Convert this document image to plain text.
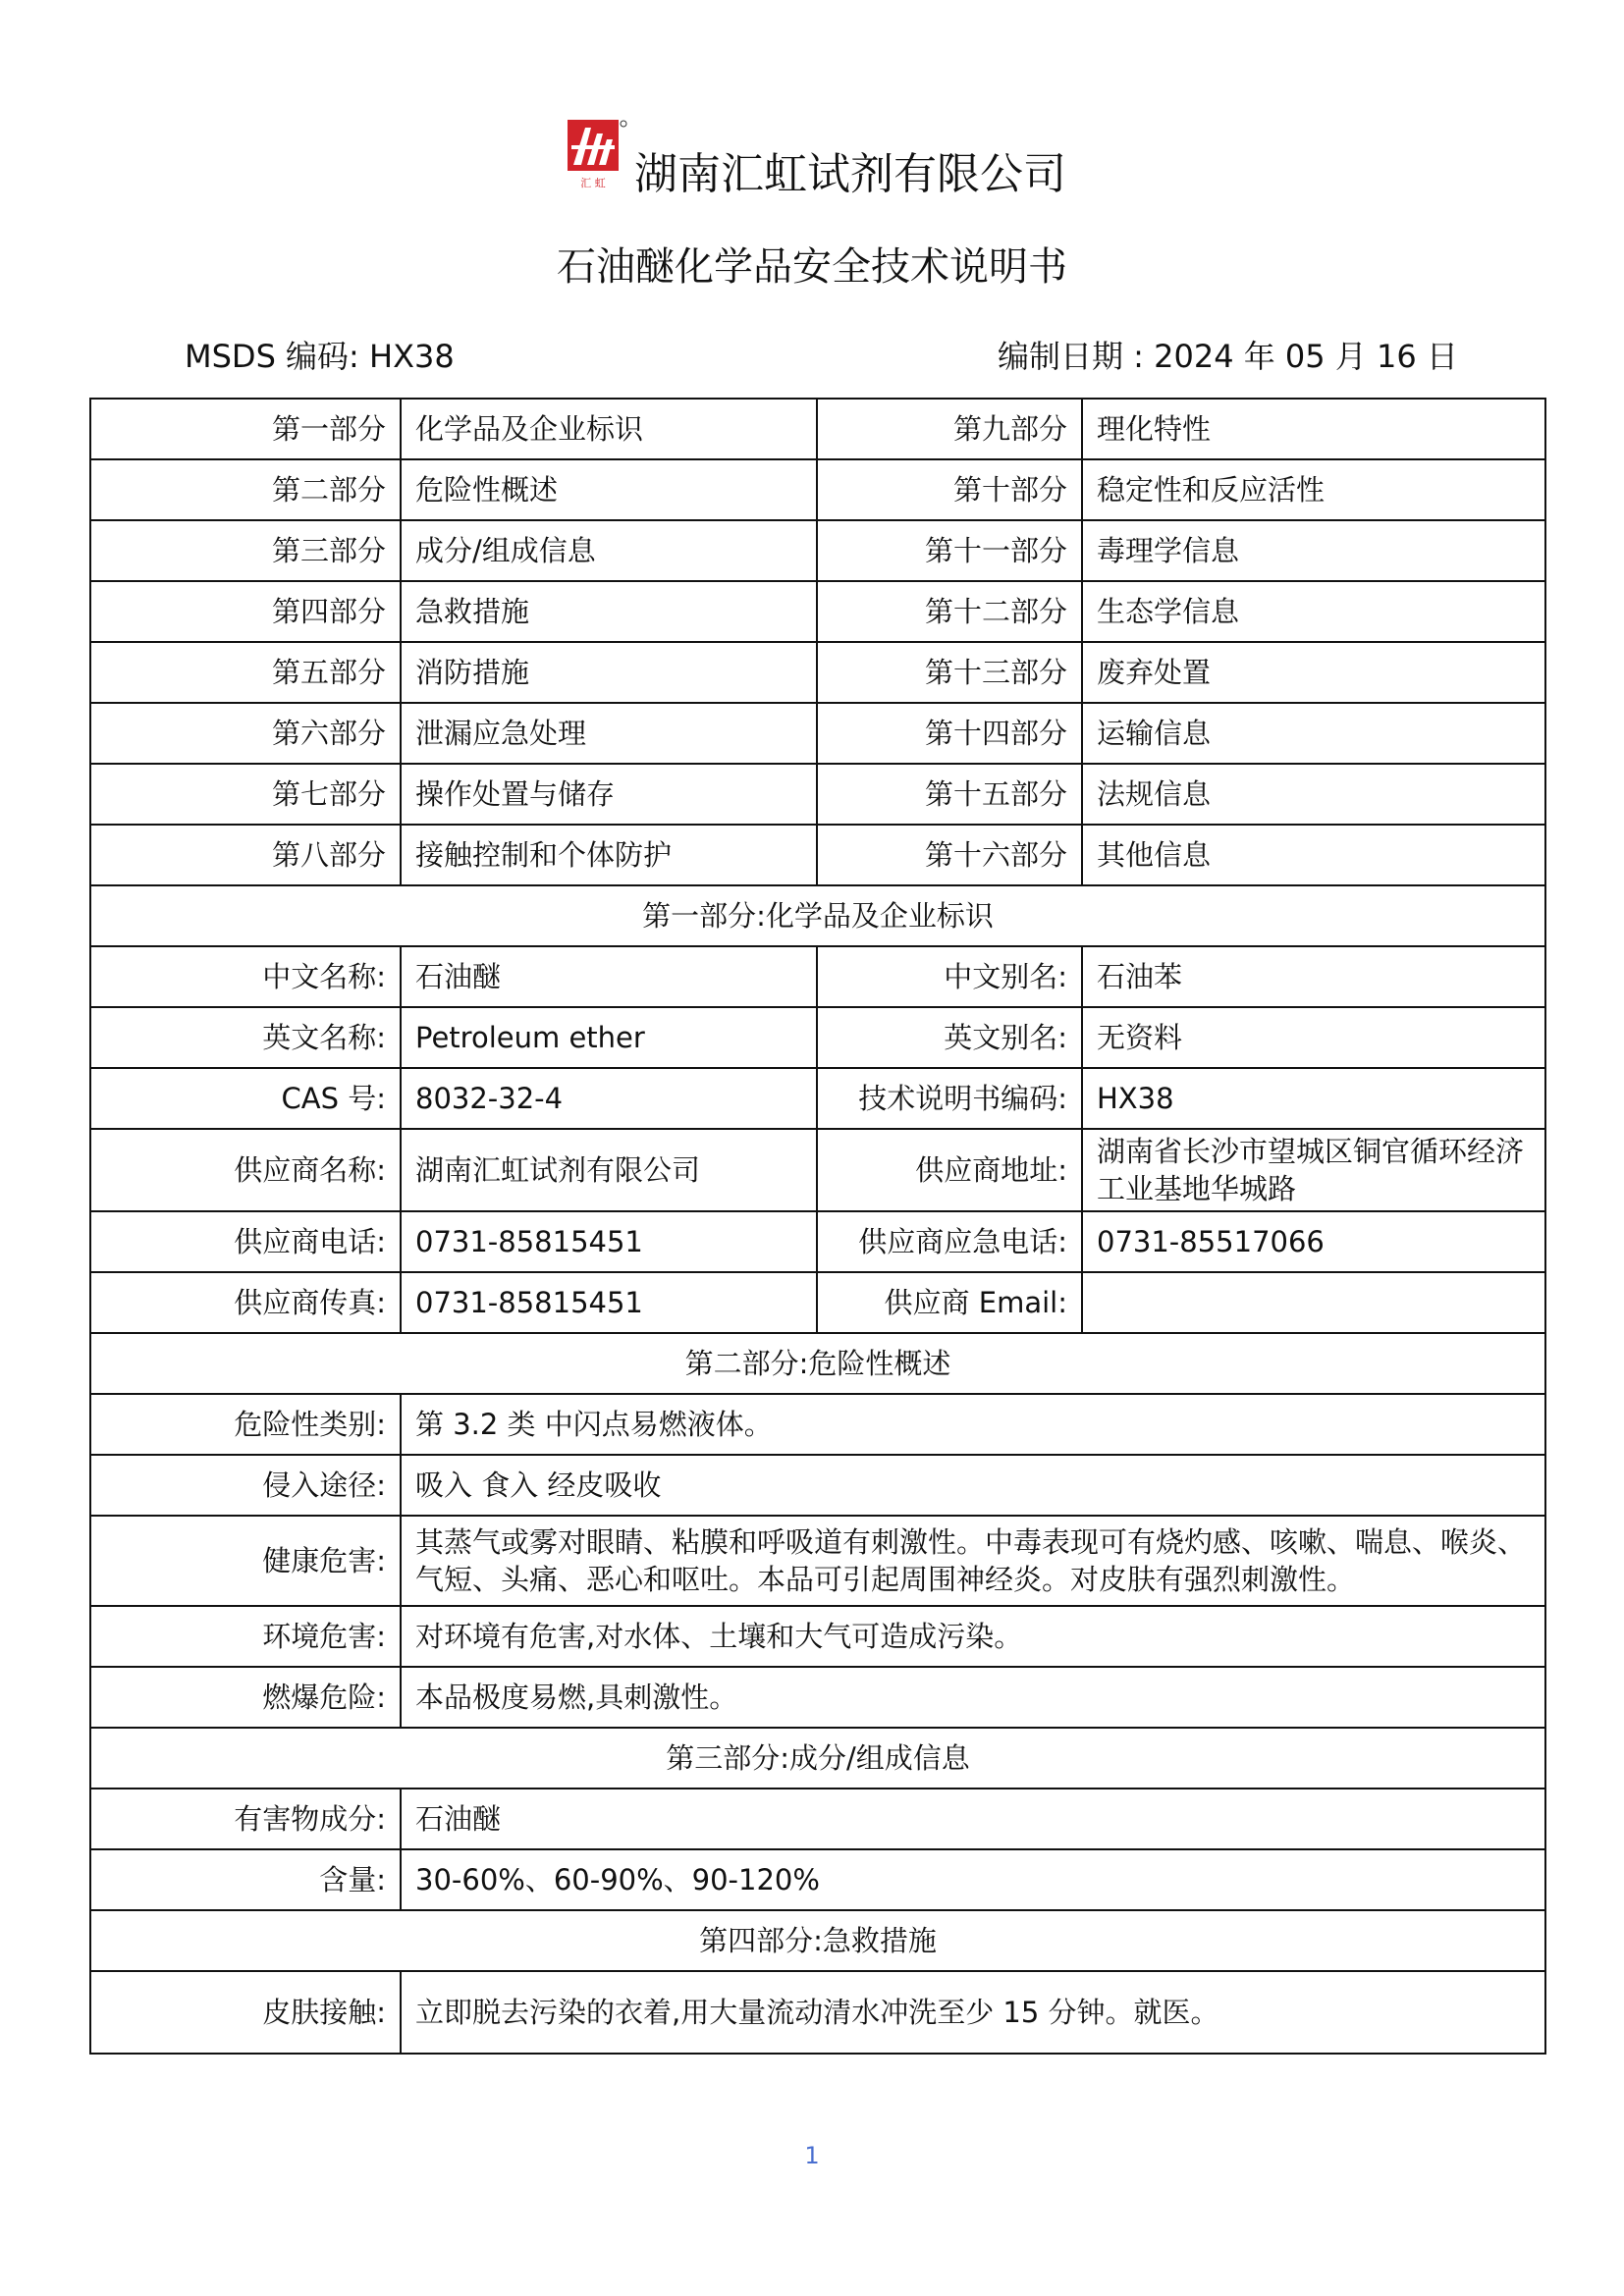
汇 虹 湖南汇虹试剂有限公司
石油醚化学品安全技术说明书
MSDS 编码: HX38	编制日期 : 2024 年 05 月 16 日
第一部分	化学品及企业标识	第九部分	理化特性
第二部分	危险性概述	第十部分	稳定性和反应活性
第三部分	成分/组成信息	第十一部分	毒理学信息
第四部分	急救措施	第十二部分	生态学信息
第五部分	消防措施	第十三部分	废弃处置
第六部分	泄漏应急处理	第十四部分	运输信息
第七部分	操作处置与储存	第十五部分	法规信息
第八部分	接触控制和个体防护	第十六部分	其他信息
第一部分:化学品及企业标识			
中文名称:	石油醚	中文别名:	石油苯
英文名称:	Petroleum ether	英文别名:	无资料
CAS 号:	8032-32-4	技术说明书编码:	HX38
供应商名称:	湖南汇虹试剂有限公司	供应商地址:	湖南省长沙市望城区铜官循环经济工业基地华城路
供应商电话:	0731-85815451	供应商应急电话:	0731-85517066
供应商传真:	0731-85815451	供应商 Email:	
第二部分:危险性概述			
危险性类别:	第 3.2 类 中闪点易燃液体。		
侵入途径:	吸入 食入 经皮吸收		
健康危害:	其蒸气或雾对眼睛、粘膜和呼吸道有刺激性。中毒表现可有烧灼感、咳嗽、喘息、喉炎、气短、头痛、恶心和呕吐。本品可引起周围神经炎。对皮肤有强烈刺激性。		
环境危害:	对环境有危害,对水体、土壤和大气可造成污染。		
燃爆危险:	本品极度易燃,具刺激性。		
第三部分:成分/组成信息			
有害物成分:	石油醚		
含量:	30-60%、60-90%、90-120%		
第四部分:急救措施			
皮肤接触:	立即脱去污染的衣着,用大量流动清水冲洗至少 15 分钟。就医。		
1
